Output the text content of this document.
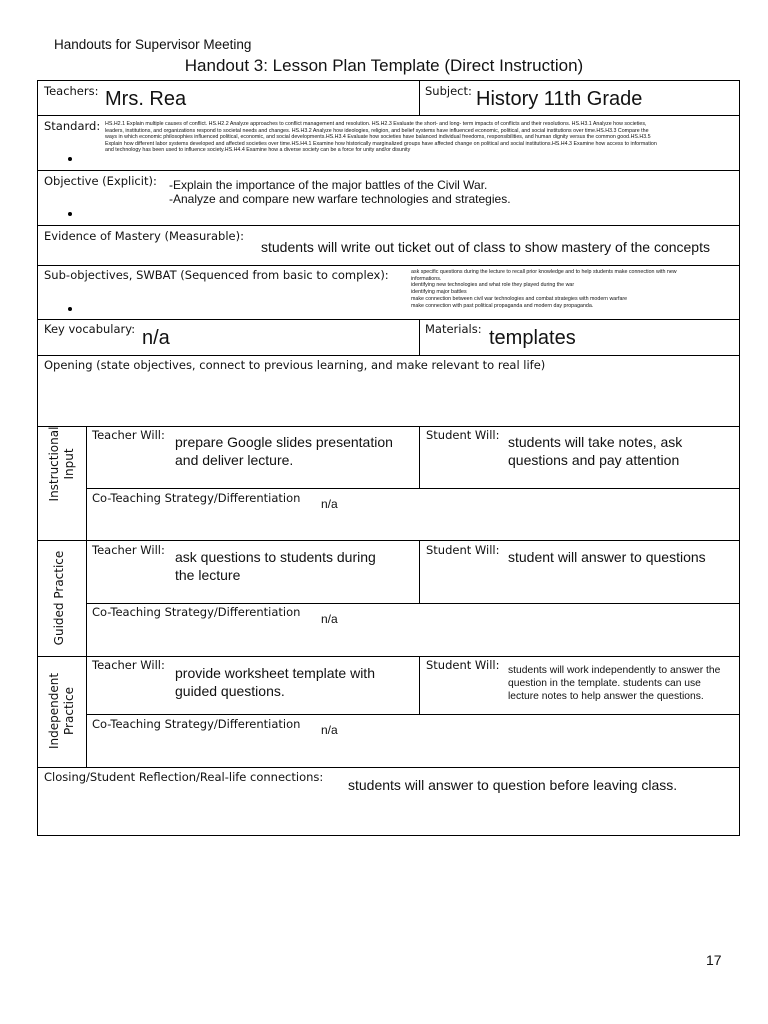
Handouts for Supervisor Meeting
Handout 3: Lesson Plan Template (Direct Instruction)
Teachers: Mrs. Rea	Subject: History 11th Grade
Standard: HS.H2.1 Explain multiple causes of conflict. HS.H2.2 Analyze approaches to conflict management and resolution. HS.H2.3 Evaluate the short- and long- term impacts of conflicts and their resolutions. HS.H3.1 Analyze how societies,
leaders, institutions, and organizations respond to societal needs and changes. HS.H3.2 Analyze how ideologies, religion, and belief systems have influenced economic, political, and social institutions over time.HS.H3.3 Compare the
ways in which economic philosophies influenced political, economic, and social developments.HS.H3.4 Evaluate how societies have balanced individual freedoms, responsibilities, and human dignity versus the common good.HS.H3.5
Explain how different labor systems developed and affected societies over time.HS.H4.1 Examine how historically marginalized groups have affected change on political and social institutions.HS.H4.3 Examine how access to information
and technology has been used to influence society.HS.H4.4 Examine how a diverse society can be a force for unity and/or disunity
Objective (Explicit): -Explain the importance of the major battles of the Civil War.
-Analyze and compare new warfare technologies and strategies.
Evidence of Mastery (Measurable):
students will write out ticket out of class to show mastery of the concepts
Sub-objectives, SWBAT (Sequenced from basic to complex):	ask specific questions during the lecture to recall prior knowledge and to help students make connection with new
informations.
identifying new technologies and what role they played during the war
identifying major battles
make connection between civil war technologies and combat strategies with modern warfare
make connection with past political propaganda and modern day propaganda.
Key vocabulary: n/a	Materials: templates
Opening (state objectives, connect to previous learning, and make relevant to real life)
Instructional Input
Teacher Will: prepare Google slides presentation
and deliver lecture.
Student Will: students will take notes, ask
questions and pay attention
Co-Teaching Strategy/Differentiation n/a
Guided Practice
Teacher Will: ask questions to students during
the lecture
Student Will: student will answer to questions
Co-Teaching Strategy/Differentiation n/a
Independent Practice
Teacher Will: provide worksheet template with
guided questions.
Student Will: students will work independently to answer the
question in the template. students can use
lecture notes to help answer the questions.
Co-Teaching Strategy/Differentiation n/a
Closing/Student Reflection/Real-life connections: students will answer to question before leaving class.
17
